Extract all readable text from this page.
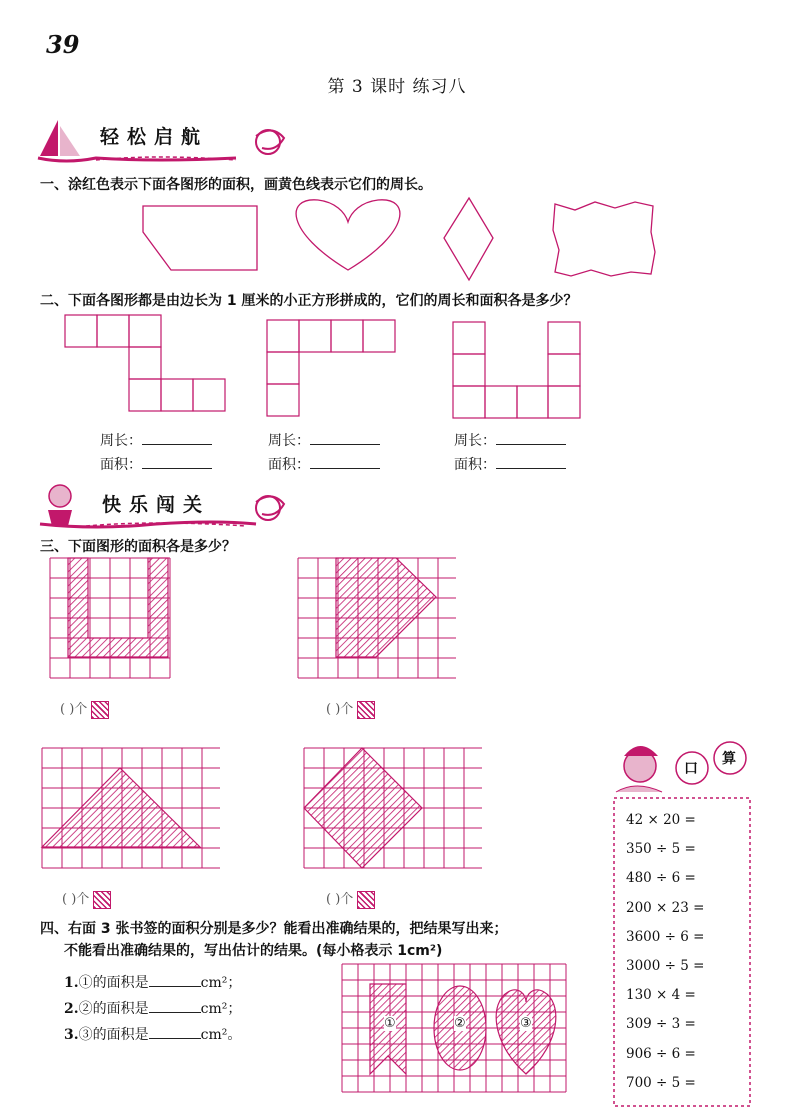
39
第 3 课时 练习八
轻松启航
一、涂红色表示下面各图形的面积，画黄色线表示它们的周长。
二、下面各图形都是由边长为 1 厘米的小正方形拼成的，它们的周长和面积各是多少？
周长：
面积：
周长：
面积：
周长：
面积：
快乐闯关
三、下面图形的面积各是多少？
( )个	( )个
( )个	( )个
口
算
42 × 20 =
350 ÷ 5 =
480 ÷ 6 =
200 × 23 =
3600 ÷ 6 =
3000 ÷ 5 =
130 × 4 =
309 ÷ 3 =
906 ÷ 6 =
700 ÷ 5 =
四、右面 3 张书签的面积分别是多少？能看出准确结果的，把结果写出来；
不能看出准确结果的，写出估计的结果。(每小格表示 1cm²)
1.①的面积是	cm²；
2.②的面积是	cm²；
3.③的面积是	cm²。
①	②	③
